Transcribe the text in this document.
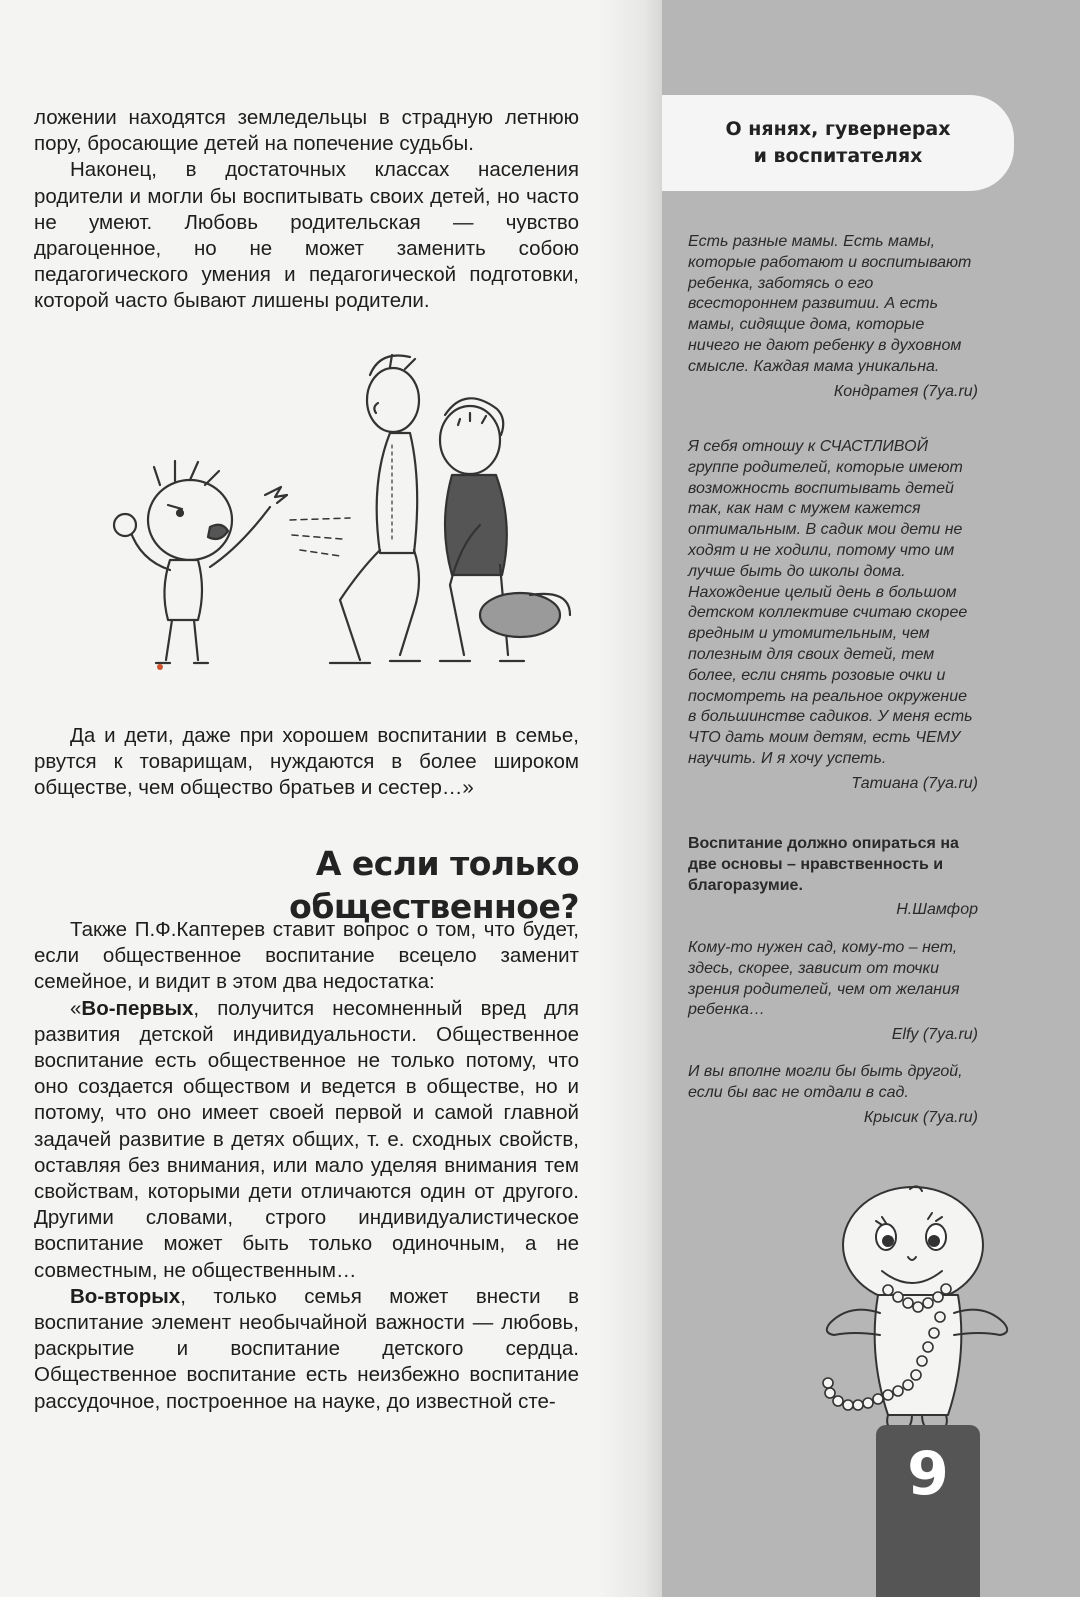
ложении находятся земледельцы в страдную летнюю пору, бросающие детей на попечение судьбы.

Наконец, в достаточных классах населения родители и могли бы воспитывать своих детей, но часто не умеют. Любовь родительская — чувство драгоценное, но не может заменить собою педагогического умения и педагогической подготовки, которой часто бывают лишены родители.

Да и дети, даже при хорошем воспитании в семье, рвутся к товарищам, нуждаются в более широком обществе, чем общество братьев и сестер…»

А если только
общественное?

Также П.Ф.Каптерев ставит вопрос о том, что будет, если общественное воспитание всецело заменит семейное, и видит в этом два недостатка:

«Во-первых, получится несомненный вред для развития детской индивидуальности. Общественное воспитание есть общественное не только потому, что оно создается обществом и ведется в обществе, но и потому, что оно имеет своей первой и самой главной задачей развитие в детях общих, т. е. сходных свойств, оставляя без внимания, или мало уделяя внимания тем свойствам, которыми дети отличаются один от другого. Другими словами, строго индивидуалистическое воспитание может быть только одиночным, а не совместным, не общественным…

Во-вторых, только семья может внести в воспитание элемент необычайной важности — любовь, раскрытие и воспитание детского сердца. Общественное воспитание есть неизбежно воспитание рассудочное, построенное на науке, до известной сте-

О нянях, гувернерах
и воспитателях
Есть разные мамы. Есть мамы, которые работают и воспитывают ребенка, заботясь о его всестороннем развитии. А есть мамы, сидящие дома, которые ничего не дают ребенку в духовном смысле. Каждая мама уникальна.
Кондратея (7ya.ru)
Я себя отношу к СЧАСТЛИВОЙ группе родителей, которые имеют возможность воспитывать детей так, как нам с мужем кажется оптимальным. В садик мои дети не ходят и не ходили, потому что им лучше быть до школы дома. Нахождение целый день в большом детском коллективе считаю скорее вредным и утомительным, чем полезным для своих детей, тем более, если снять розовые очки и посмотреть на реальное окружение в большинстве садиков. У меня есть ЧТО дать моим детям, есть ЧЕМУ научить. И я хочу успеть.
Татиана (7ya.ru)
Воспитание должно опираться на две основы – нравственность и благоразумие.
Н.Шамфор
Кому-то нужен сад, кому-то – нет, здесь, скорее, зависит от точки зрения родителей, чем от желания ребенка…
Elfy (7ya.ru)
И вы вполне могли бы быть другой, если бы вас не отдали в сад.
Крысик (7ya.ru)
9
